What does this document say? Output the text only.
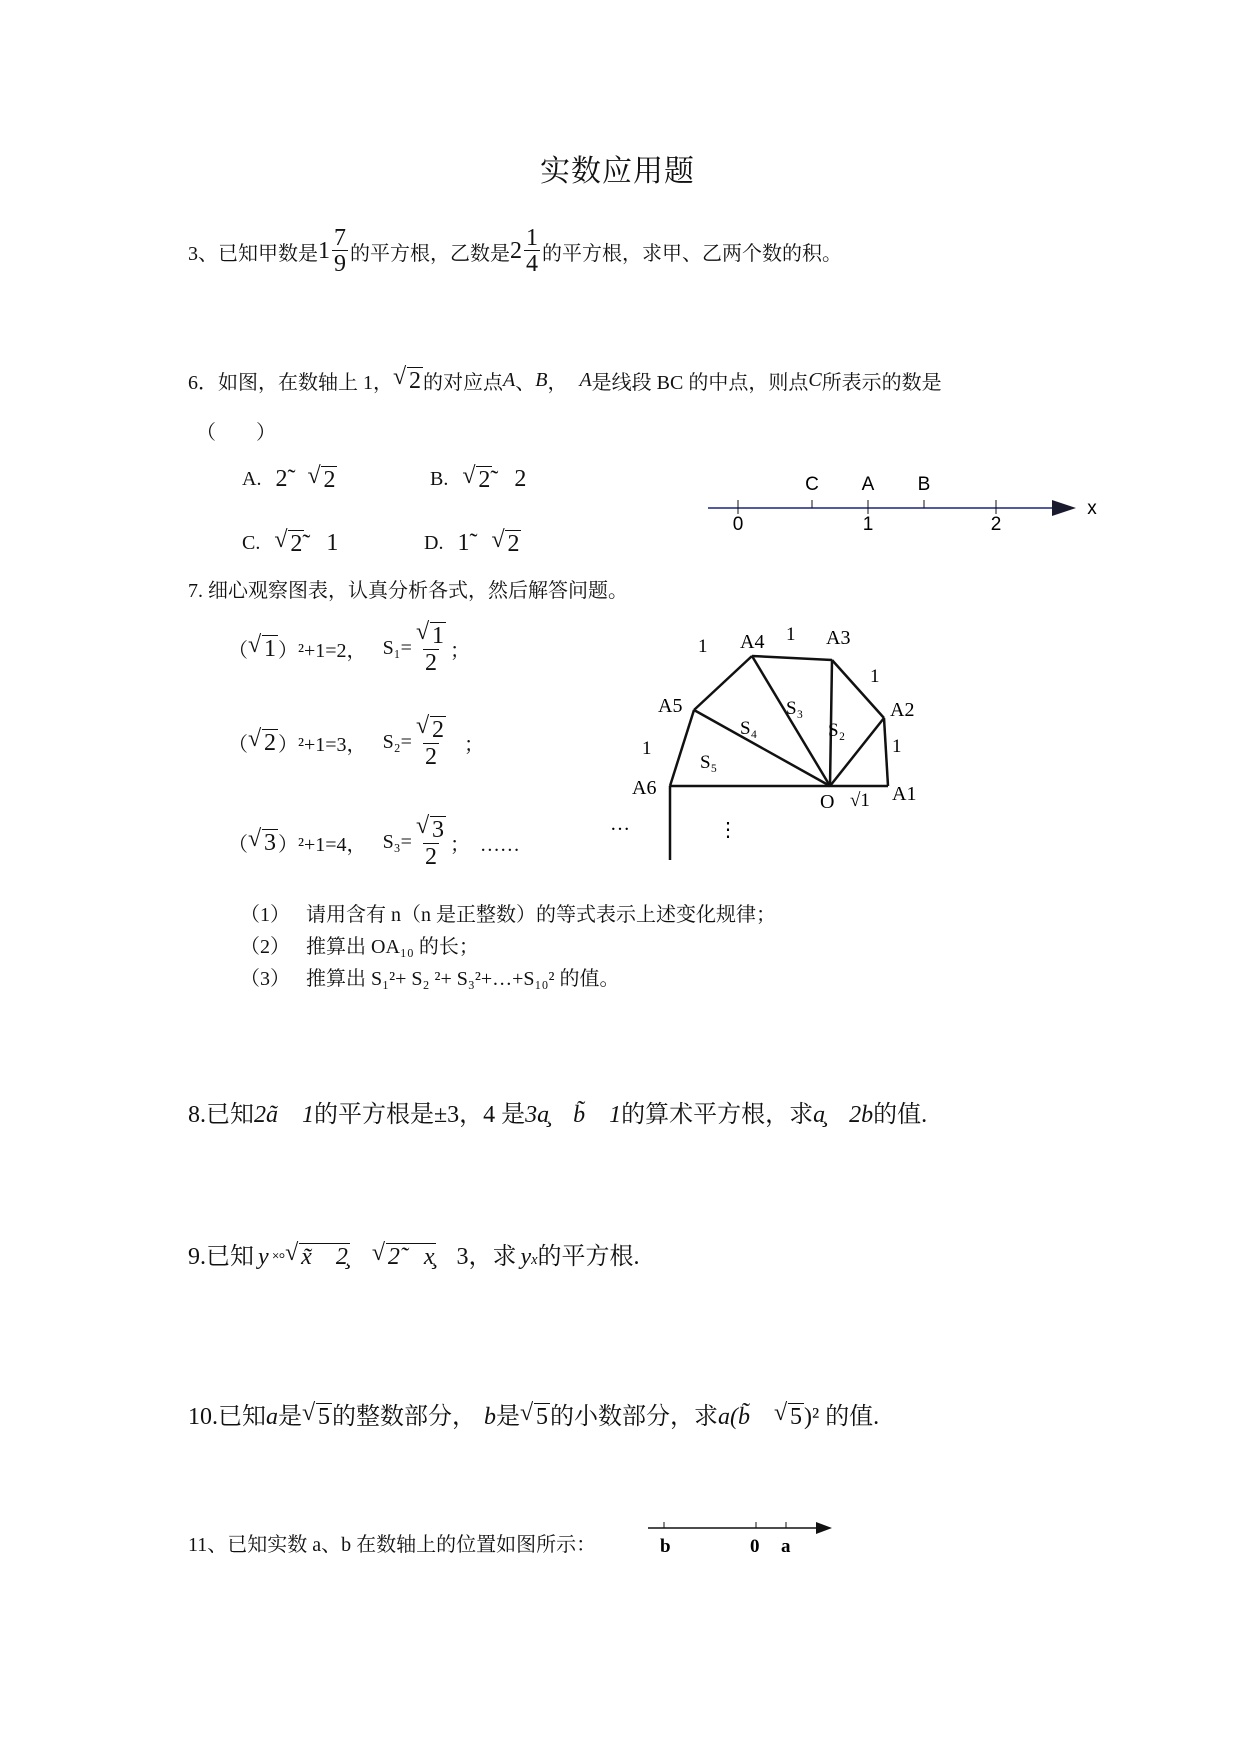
实数应用题
3、已知甲数是 $1 \frac{7}{9}$ 的平方根，乙数是 $2 \frac{1}{4}$ 的平方根，求甲、乙两个数的积。
6．如图，在数轴上 1， √ 2 的对应点 A 、 B ， A 是线段 BC 的中点，则点 C 所表示的数是
（　　）
A. 2̃ √ 2	B. √ 2̃ 2
C. √ 2̃ 1	D. 1̃ √ 2
C A B
0	1	2
x
7. 细心观察图表，认真分析各式，然后解答问题。
（ √ 1 ） ²+1=2， $S_1= \frac{√ 1}{2}$ ；
（ √ 2 ） ²+1=3， $S_2= \frac{√ 2}{2}$ ；
（ √ 3 ） ²+1=4， $S_3= \frac{√ 3}{2}$ ；　……
A1
A2
A3
A4
A5
A6
O
S₂
S₃
S₄
S₅
1
1
1
1
1
√1
…	⋮
（1） 请用含有 n（n 是正整数）的等式表示上述变化规律；
（2） 推算出 OA₁₀ 的长；
（3） 推算出 S₁²+ S₂ ²+ S₃²+…+S₁₀² 的值。
8.已知 2ã　1 的平方根是±3，4 是 3a̧　b̃　1 的算术平方根，求 a̧　2b 的值.
9.已知 y ˟° √ x̃　2̧ √ 2̃　x̧ 3，求 y x 的平方根.
10.已知 a 是 √ 5 的整数部分， b 是 √ 5 的小数部分，求 a(b̃　 √ 5 )² 的值.
11、已知实数 a、b 在数轴上的位置如图所示：	b	0 a
